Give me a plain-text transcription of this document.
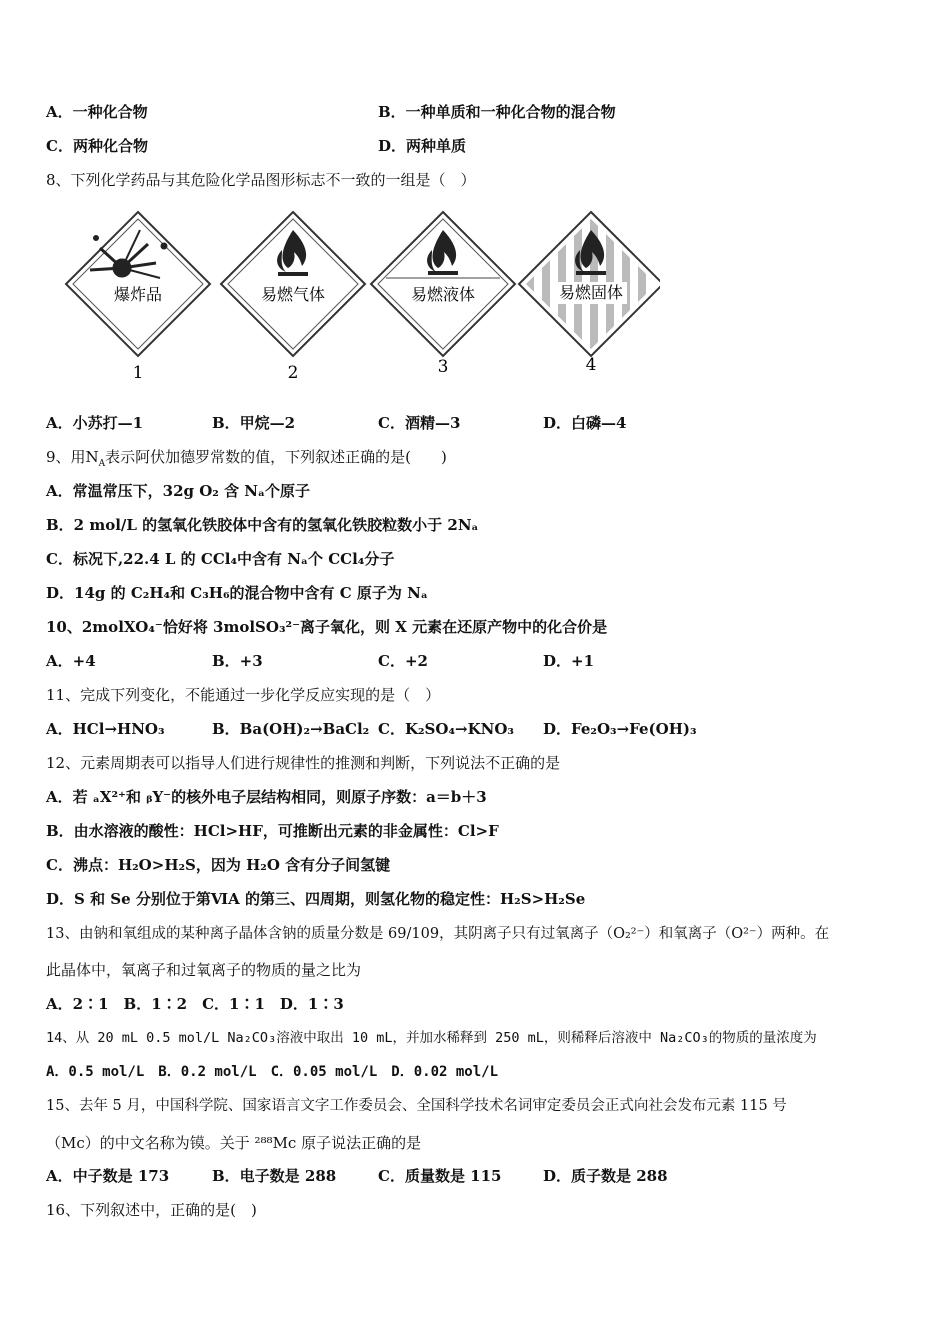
A．一种化合物	B．一种单质和一种化合物的混合物
C．两种化合物	D．两种单质
8、下列化学药品与其危险化学品图形标志不一致的一组是（　）
爆炸品
1
易燃气体
2
易燃液体
3
易燃固体
4
A．小苏打—1	B．甲烷—2	C．酒精—3	D．白磷—4
9、用$N_A$表示阿伏加德罗常数的值，下列叙述正确的是(　　)
A．常温常压下，32g O₂ 含 Nₐ个原子
B．2 mol/L 的氢氧化铁胶体中含有的氢氧化铁胶粒数小于 2Nₐ
C．标况下,22.4 L 的 CCl₄中含有 Nₐ个 CCl₄分子
D．14g 的 C₂H₄和 C₃H₆的混合物中含有 C 原子为 Nₐ
10、2molXO₄⁻恰好将 3molSO₃²⁻离子氧化，则 X 元素在还原产物中的化合价是
A．+4	B．+3	C．+2	D．+1
11、完成下列变化，不能通过一步化学反应实现的是（　）
A．HCl→HNO₃	B．Ba(OH)₂→BaCl₂ C．K₂SO₄→KNO₃ D．Fe₂O₃→Fe(OH)₃
12、元素周期表可以指导人们进行规律性的推测和判断，下列说法不正确的是
A．若 ₐX²⁺和 ᵦY⁻的核外电子层结构相同，则原子序数：a＝b＋3
B．由水溶液的酸性：HCl>HF，可推断出元素的非金属性：Cl>F
C．沸点：H₂O>H₂S，因为 H₂O 含有分子间氢键
D．S 和 Se 分别位于第ⅥA 的第三、四周期，则氢化物的稳定性：H₂S>H₂Se
13、由钠和氧组成的某种离子晶体含钠的质量分数是 69/109，其阴离子只有过氧离子（O₂²⁻）和氧离子（O²⁻）两种。在
此晶体中，氧离子和过氧离子的物质的量之比为
A．2∶1　B．1∶2　C．1∶1　D．1∶3
14、从 20 mL 0.5 mol/L Na₂CO₃溶液中取出 10 mL，并加水稀释到 250 mL，则稀释后溶液中 Na₂CO₃的物质的量浓度为
A．0.5 mol/L　B．0.2 mol/L　C．0.05 mol/L　D．0.02 mol/L
15、去年 5 月，中国科学院、国家语言文字工作委员会、全国科学技术名词审定委员会正式向社会发布元素 115 号
（Mc）的中文名称为镆。关于 ²⁸⁸Mc 原子说法正确的是
A．中子数是 173	B．电子数是 288	C．质量数是 115	D．质子数是 288
16、下列叙述中，正确的是(　)
